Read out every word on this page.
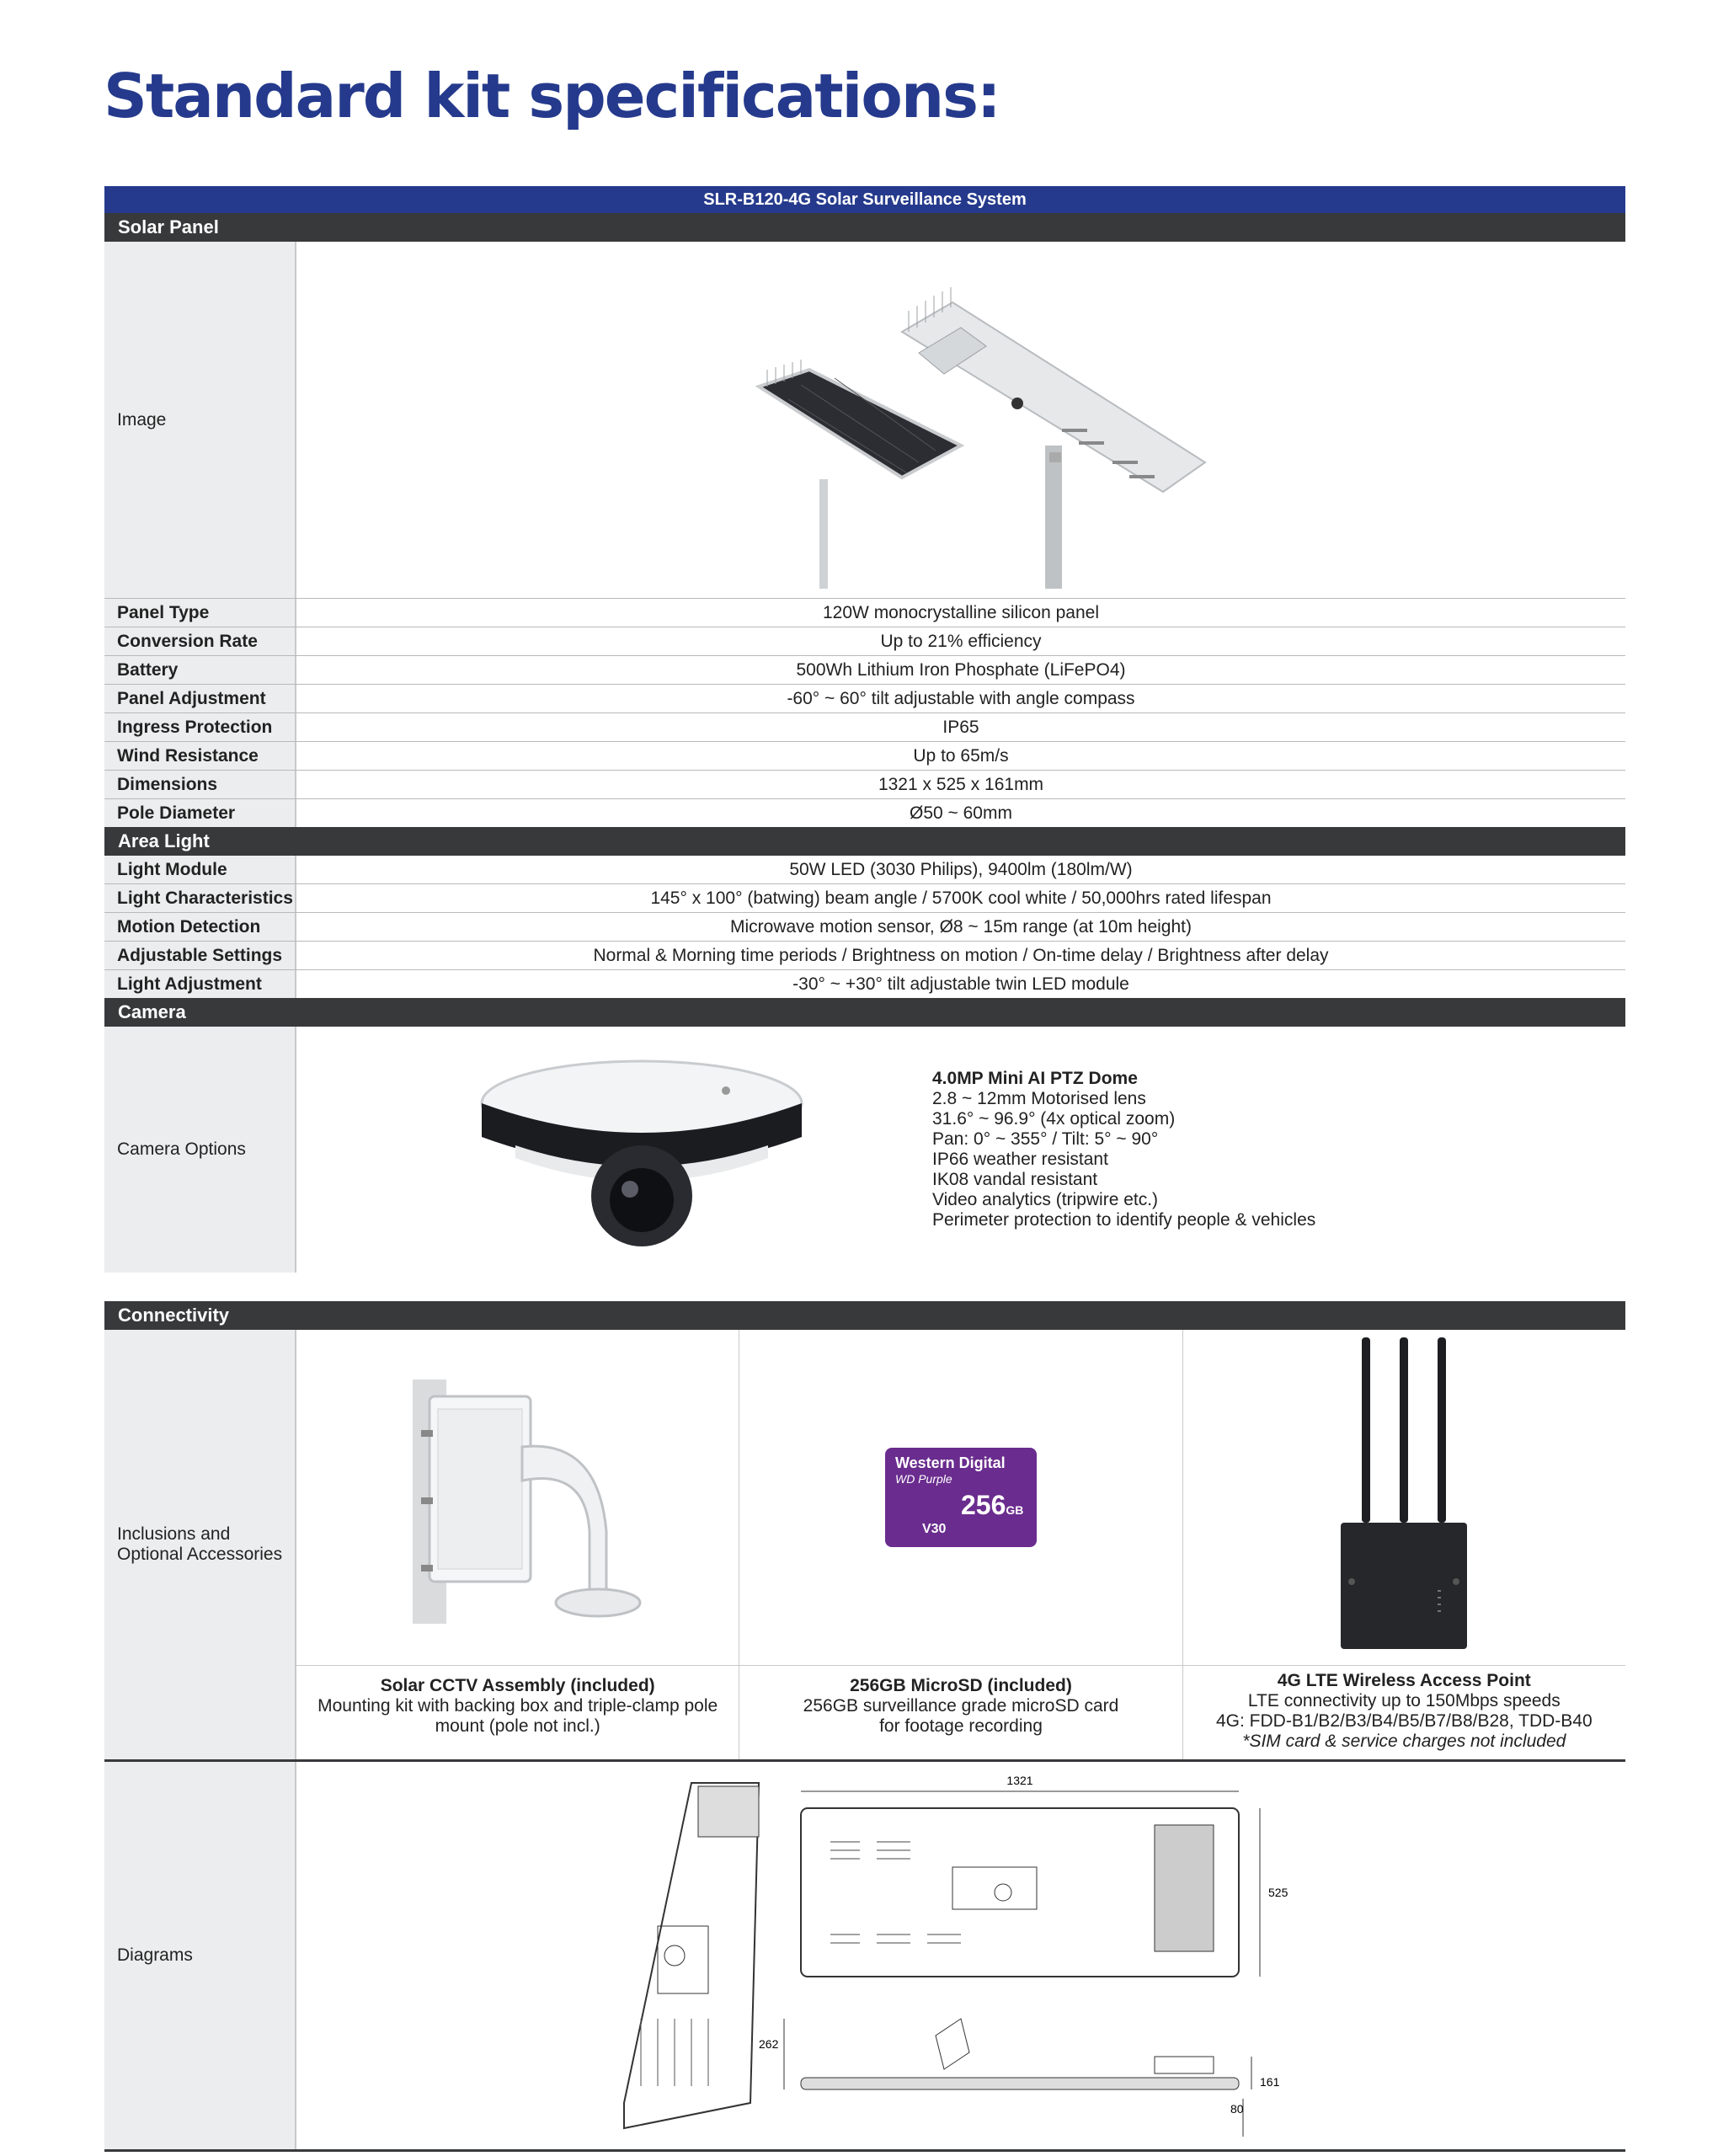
Standard kit specifications:
SLR-B120-4G Solar Surveillance System
Solar Panel
Image
Panel Type	120W monocrystalline silicon panel
Conversion Rate	Up to 21% efficiency
Battery	500Wh Lithium Iron Phosphate (LiFePO4)
Panel Adjustment	-60° ~ 60° tilt adjustable with angle compass
Ingress Protection	IP65
Wind Resistance	Up to 65m/s
Dimensions	1321 x 525 x 161mm
Pole Diameter	Ø50 ~ 60mm
Area Light
Light Module	50W LED (3030 Philips), 9400lm (180lm/W)
Light Characteristics	145° x 100° (batwing) beam angle / 5700K cool white / 50,000hrs rated lifespan
Motion Detection	Microwave motion sensor, Ø8 ~ 15m range (at 10m height)
Adjustable Settings	Normal & Morning time periods / Brightness on motion / On-time delay / Brightness after delay
Light Adjustment	-30° ~ +30° tilt adjustable twin LED module
Camera
Camera Options
4.0MP Mini AI PTZ Dome
2.8 ~ 12mm Motorised lens
31.6° ~ 96.9° (4x optical zoom)
Pan: 0° ~ 355° / Tilt: 5° ~ 90°
IP66 weather resistant
IK08 vandal resistant
Video analytics (tripwire etc.)
Perimeter protection to identify people & vehicles
Connectivity
Inclusions and
Optional Accessories
Solar CCTV Assembly (included)
Mounting kit with backing box and triple-clamp pole
mount (pole not incl.)
Western Digital
WD Purple
256GB
V30
256GB MicroSD (included)
256GB surveillance grade microSD card
for footage recording
4G LTE Wireless Access Point
LTE connectivity up to 150Mbps speeds
4G: FDD-B1/B2/B3/B4/B5/B7/B8/B28, TDD-B40
*SIM card & service charges not included
Diagrams
1321
525
262
161
80
